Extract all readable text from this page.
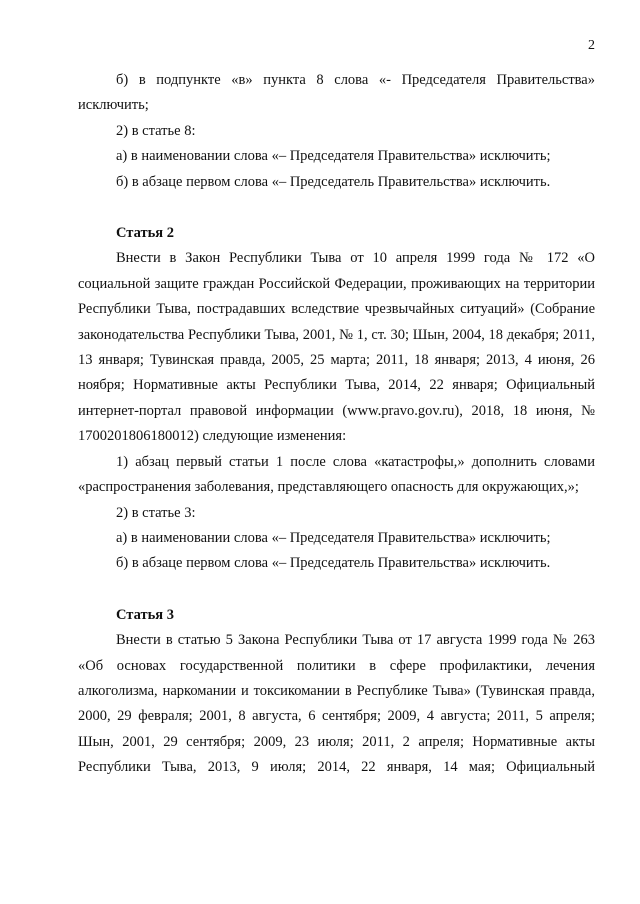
2

б) в подпункте «в» пункта 8 слова «- Председателя Правительства» исключить;

2) в статье 8:

а) в наименовании слова «– Председателя Правительства» исключить;

б) в абзаце первом слова «– Председатель Правительства» исключить.

Статья 2

Внести в Закон Республики Тыва от 10 апреля 1999 года № 172 «О социальной защите граждан Российской Федерации, проживающих на территории Республики Тыва, пострадавших вследствие чрезвычайных ситуаций» (Собрание законодательства Республики Тыва, 2001, № 1, ст. 30; Шын, 2004, 18 декабря; 2011, 13 января; Тувинская правда, 2005, 25 марта; 2011, 18 января; 2013, 4 июня, 26 ноября; Нормативные акты Республики Тыва, 2014, 22 января; Официальный интернет-портал правовой информации (www.pravo.gov.ru), 2018, 18 июня, № 1700201806180012) следующие изменения:

1) абзац первый статьи 1 после слова «катастрофы,» дополнить словами «распространения заболевания, представляющего опасность для окружающих,»;

2) в статье 3:

а) в наименовании слова «– Председателя Правительства» исключить;

б) в абзаце первом слова «– Председатель Правительства» исключить.

Статья 3

Внести в статью 5 Закона Республики Тыва от 17 августа 1999 года № 263 «Об основах государственной политики в сфере профилактики, лечения алкоголизма, наркомании и токсикомании в Республике Тыва» (Тувинская правда, 2000, 29 февраля; 2001, 8 августа, 6 сентября; 2009, 4 августа; 2011, 5 апреля; Шын, 2001, 29 сентября; 2009, 23 июля; 2011, 2 апреля; Нормативные акты Республики Тыва, 2013, 9 июля; 2014, 22 января, 14 мая; Официальный
